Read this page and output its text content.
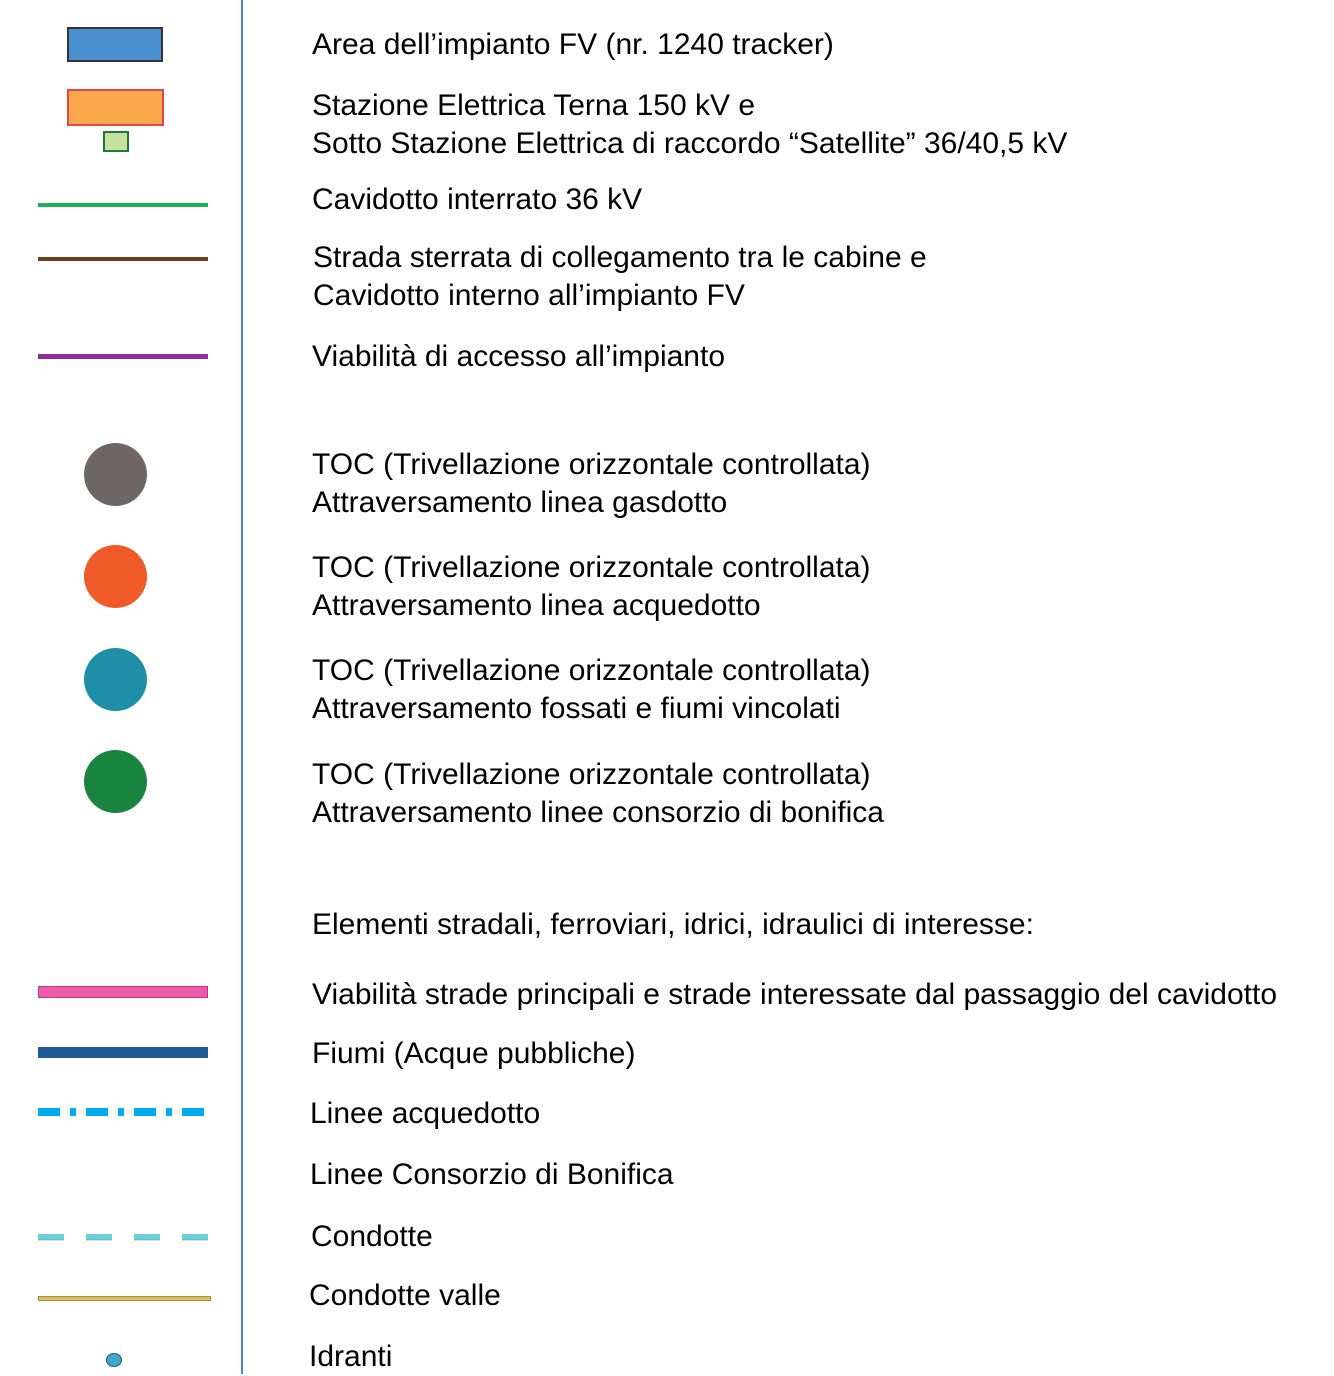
Area dell’impianto FV (nr. 1240 tracker)
Stazione Elettrica Terna 150 kV e
Sotto Stazione Elettrica di raccordo “Satellite” 36/40,5 kV
Cavidotto interrato 36 kV
Strada sterrata di collegamento tra le cabine e
Cavidotto interno all’impianto FV
Viabilità di accesso all’impianto
TOC (Trivellazione orizzontale controllata)
Attraversamento linea gasdotto
TOC (Trivellazione orizzontale controllata)
Attraversamento linea acquedotto
TOC (Trivellazione orizzontale controllata)
Attraversamento fossati e fiumi vincolati
TOC (Trivellazione orizzontale controllata)
Attraversamento linee consorzio di bonifica
Elementi stradali, ferroviari, idrici, idraulici di interesse:
Viabilità strade principali e strade interessate dal passaggio del cavidotto
Fiumi (Acque pubbliche)
Linee acquedotto
Linee Consorzio di Bonifica
Condotte
Condotte valle
Idranti
